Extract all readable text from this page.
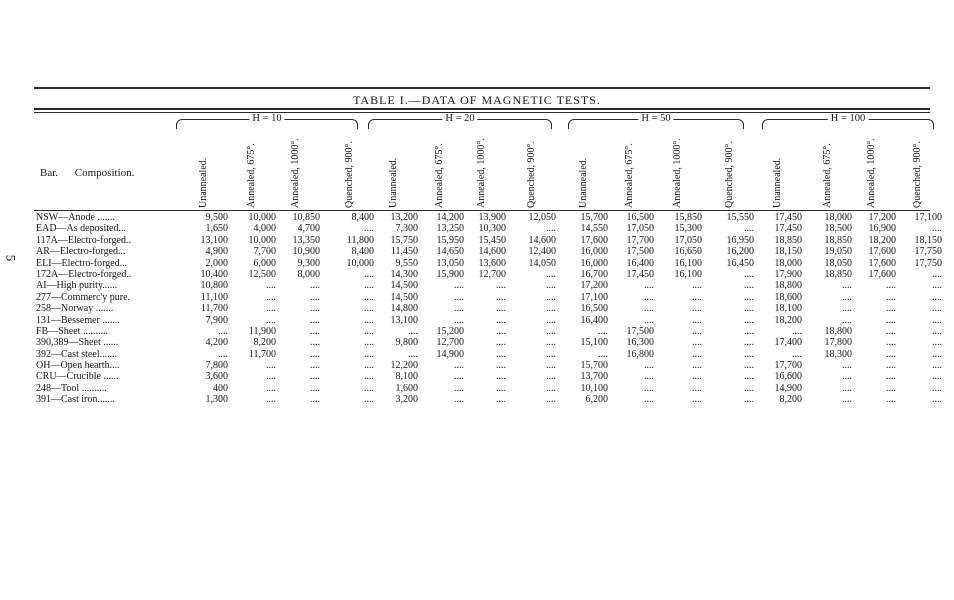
5
TABLE I.—DATA OF MAGNETIC TESTS.
H = 10	H = 20	H = 50	H = 100
Bar. Composition.	Unannealed.	Annealed, 675°.	Annealed, 1000°.	Quenched, 900°.	Unannealed.	Annealed, 675°.	Annealed, 1000°.	Quenched, 900°.	Unannealed.	Annealed, 675°.	Annealed, 1000°.	Quenched, 900°.	Unannealed.	Annealed, 675°.	Annealed, 1000°.	Quenched, 900°.
NSW—Anode .......	9,500	10,000	10,850	8,400	13,200	14,200	13,900	12,050	15,700	16,500	15,850	15,550	17,450	18,000	17,200	17,100
EAD—As deposited...	1,650	4,000	4,700	....	7,300	13,250	10,300	....	14,550	17,050	15,300	....	17,450	18,500	16,900	....
117A—Electro-forged..	13,100	10,000	13,350	11,800	15,750	15,950	15,450	14,600	17,600	17,700	17,050	16,950	18,850	18,850	18,200	18,150
AR—Electro-forged...	4,900	7,700	10,900	8,400	11,450	14,650	14,600	12,400	16,000	17,500	16,650	16,200	18,150	19,050	17,600	17,750
ELI—Electro-forged...	2,000	6,000	9,300	10,000	9,550	13,050	13,600	14,050	16,000	16,400	16,100	16,450	18,000	18,050	17,600	17,750
172A—Electro-forged..	10,400	12,500	8,000	....	14,300	15,900	12,700	....	16,700	17,450	16,100	....	17,900	18,850	17,600	....
AI—High purity......	10,800	....	....	....	14,500	....	....	....	17,200	....	....	....	18,800	....	....	....
277—Commerc'y pure.	11,100	....	....	....	14,500	....	....	....	17,100	....	....	....	18,600	....	....	....
258—Norway .......	11,700	....	....	....	14,800	....	....	....	16,500	....	....	....	18,100	....	....	....
131—Bessemer .......	7,900	....	....	....	13,100	....	....	....	16,400	....	....	....	18,200	....	....	....
FB—Sheet ..........	....	11,900	....	....	....	15,200	....	....	....	17,500	....	....	....	18,800	....	....
390,389—Sheet ......	4,200	8,200	....	....	9,800	12,700	....	....	15,100	16,300	....	....	17,400	17,800	....	....
392—Cast steel.......	....	11,700	....	....	....	14,900	....	....	....	16,800	....	....	....	18,300	....	....
OH—Open hearth....	7,800	....	....	....	12,200	....	....	....	15,700	....	....	....	17,700	....	....	....
CRU—Crucible ......	3,600	....	....	....	8,100	....	....	....	13,700	....	....	....	16,600	....	....	....
248—Tool ..........	400	....	....	....	1,600	....	....	....	10,100	....	....	....	14,900	....	....	....
391—Cast iron.......	1,300	....	....	....	3,200	....	....	....	6,200	....	....	....	8,200	....	....	....
